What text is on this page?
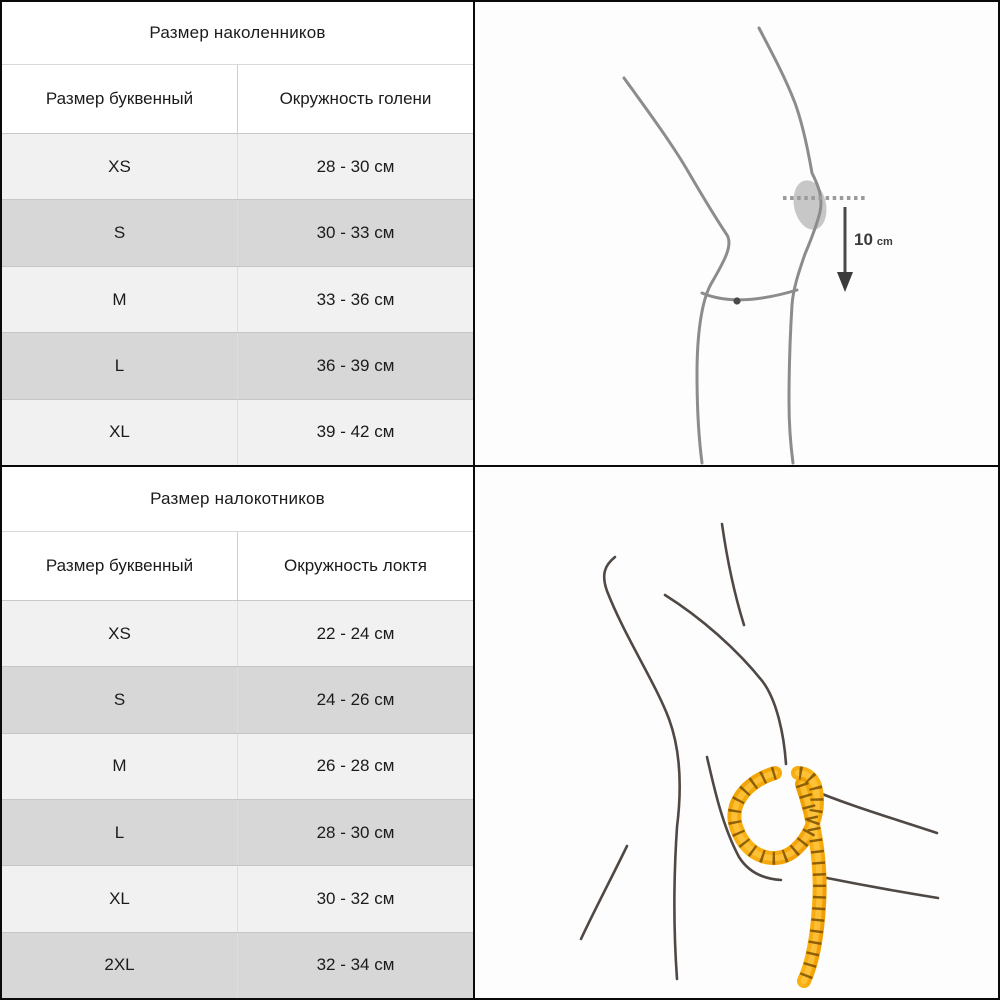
Размер наколенников
Размер буквенный	Окружность голени
XS	28 - 30 см
S	30 - 33 см
M	33 - 36 см
L	36 - 39 см
XL	39 - 42 см
10 cm
Размер налокотников
Размер буквенный	Окружность локтя
XS	22 - 24 см
S	24 - 26 см
M	26 - 28 см
L	28 - 30 см
XL	30 - 32 см
2XL	32 - 34 см
